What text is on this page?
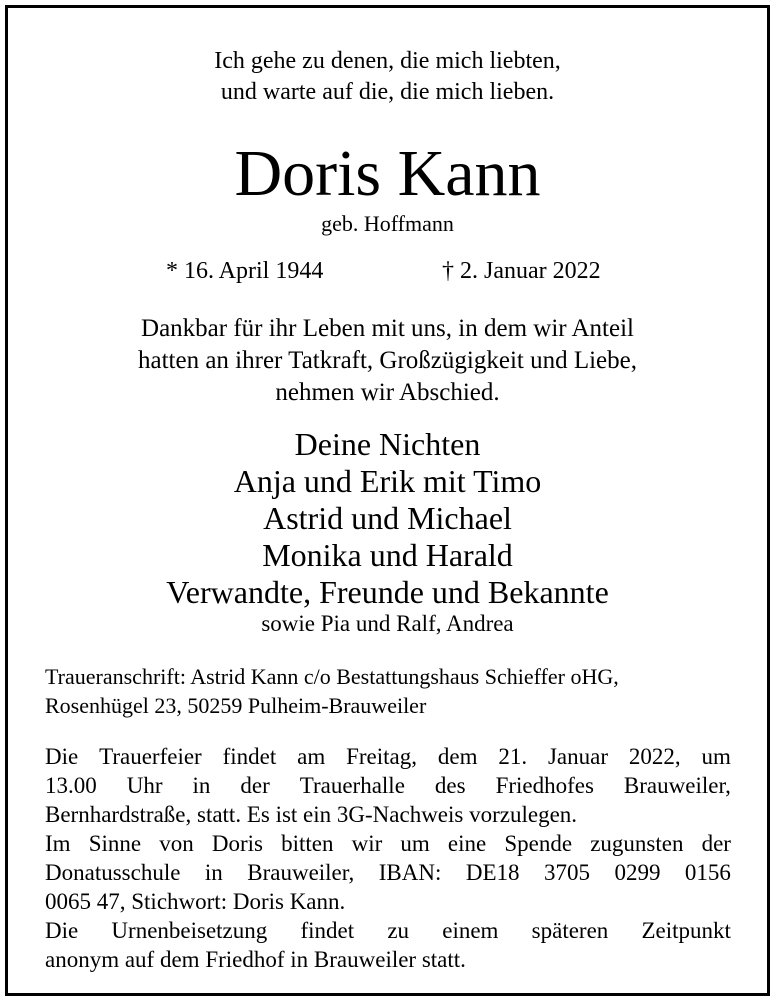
Ich gehe zu denen, die mich liebten,
und warte auf die, die mich lieben.
Doris Kann
geb. Hoffmann
* 16. April 1944	† 2. Januar 2022
Dankbar für ihr Leben mit uns, in dem wir Anteil
hatten an ihrer Tatkraft, Großzügigkeit und Liebe,
nehmen wir Abschied.
Deine Nichten
Anja und Erik mit Timo
Astrid und Michael
Monika und Harald
Verwandte, Freunde und Bekannte
sowie Pia und Ralf, Andrea
Traueranschrift: Astrid Kann c/o Bestattungshaus Schieffer oHG,
Rosenhügel 23, 50259 Pulheim-Brauweiler
Die Trauerfeier findet am Freitag, dem 21. Januar 2022, um
13.00 Uhr in der Trauerhalle des Friedhofes Brauweiler,
Bernhardstraße, statt. Es ist ein 3G-Nachweis vorzulegen.
Im Sinne von Doris bitten wir um eine Spende zugunsten der
Donatusschule in Brauweiler, IBAN: DE18 3705 0299 0156
0065 47, Stichwort: Doris Kann.
Die Urnenbeisetzung findet zu einem späteren Zeitpunkt
anonym auf dem Friedhof in Brauweiler statt.
